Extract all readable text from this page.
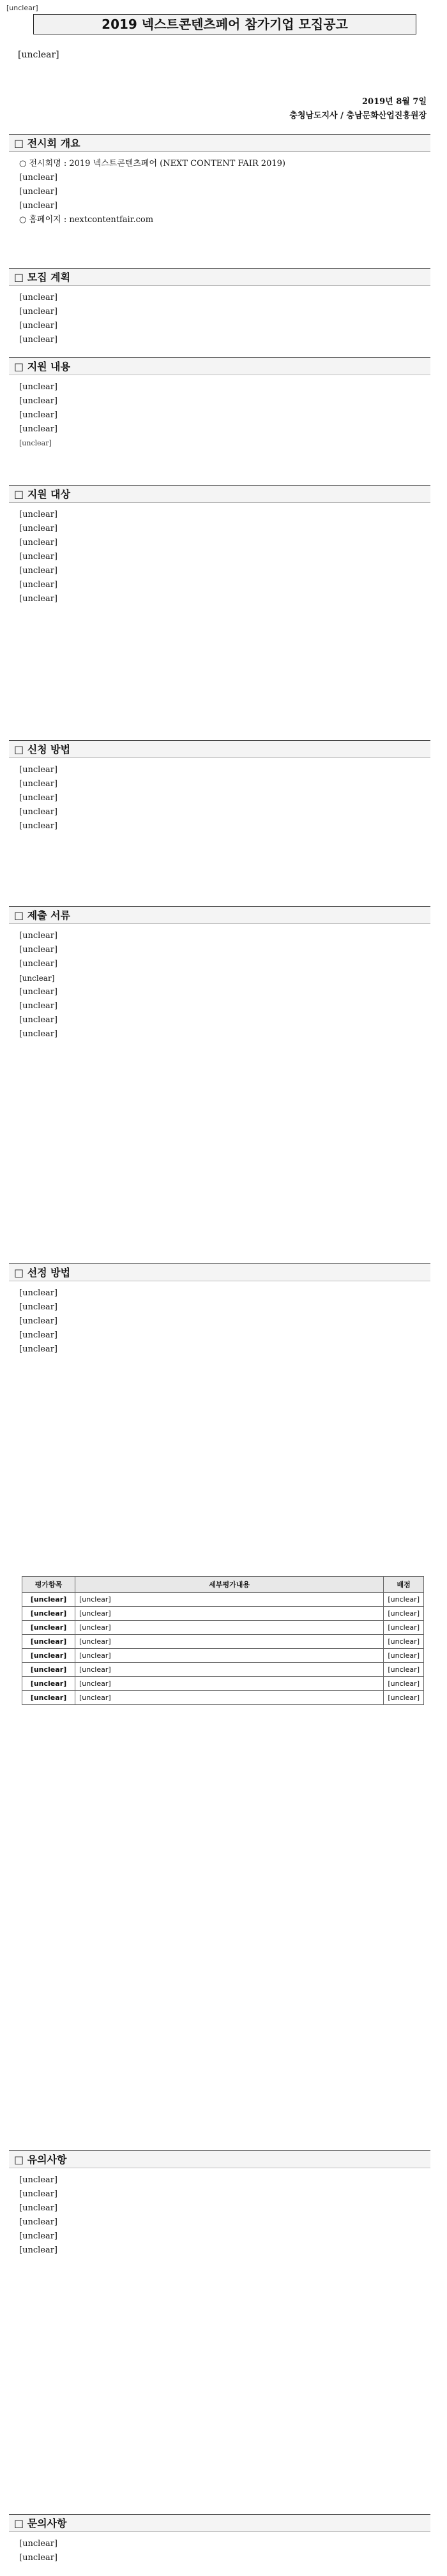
[unclear]
2019 넥스트콘텐츠페어 참가기업 모집공고

[unclear]

2019년 8월 7일
충청남도지사 / 충남문화산업진흥원장
□ 전시회 개요

○ 전시회명 : 2019 넥스트콘텐츠페어 (NEXT CONTENT FAIR 2019)

[unclear]

[unclear]

[unclear]

○ 홈페이지 : nextcontentfair.com

□ 모집 계획

[unclear]

[unclear]

[unclear]

[unclear]

□ 지원 내용

[unclear]

[unclear]

[unclear]

[unclear]

[unclear]

□ 지원 대상

[unclear]

[unclear]

[unclear]

[unclear]

[unclear]

[unclear]

[unclear]

□ 신청 방법

[unclear]

[unclear]

[unclear]

[unclear]

[unclear]

□ 제출 서류

[unclear]

[unclear]

[unclear]

[unclear]

[unclear]

[unclear]

[unclear]

[unclear]

□ 선정 방법

[unclear]

[unclear]

[unclear]

[unclear]

[unclear]

평가항목	세부평가내용	배점
[unclear]	[unclear]	[unclear]
[unclear]	[unclear]	[unclear]
[unclear]	[unclear]	[unclear]
[unclear]	[unclear]	[unclear]
[unclear]	[unclear]	[unclear]
[unclear]	[unclear]	[unclear]
[unclear]	[unclear]	[unclear]
[unclear]	[unclear]	[unclear]
□ 유의사항

[unclear]

[unclear]

[unclear]

[unclear]

[unclear]

[unclear]

□ 문의사항

[unclear]

[unclear]
